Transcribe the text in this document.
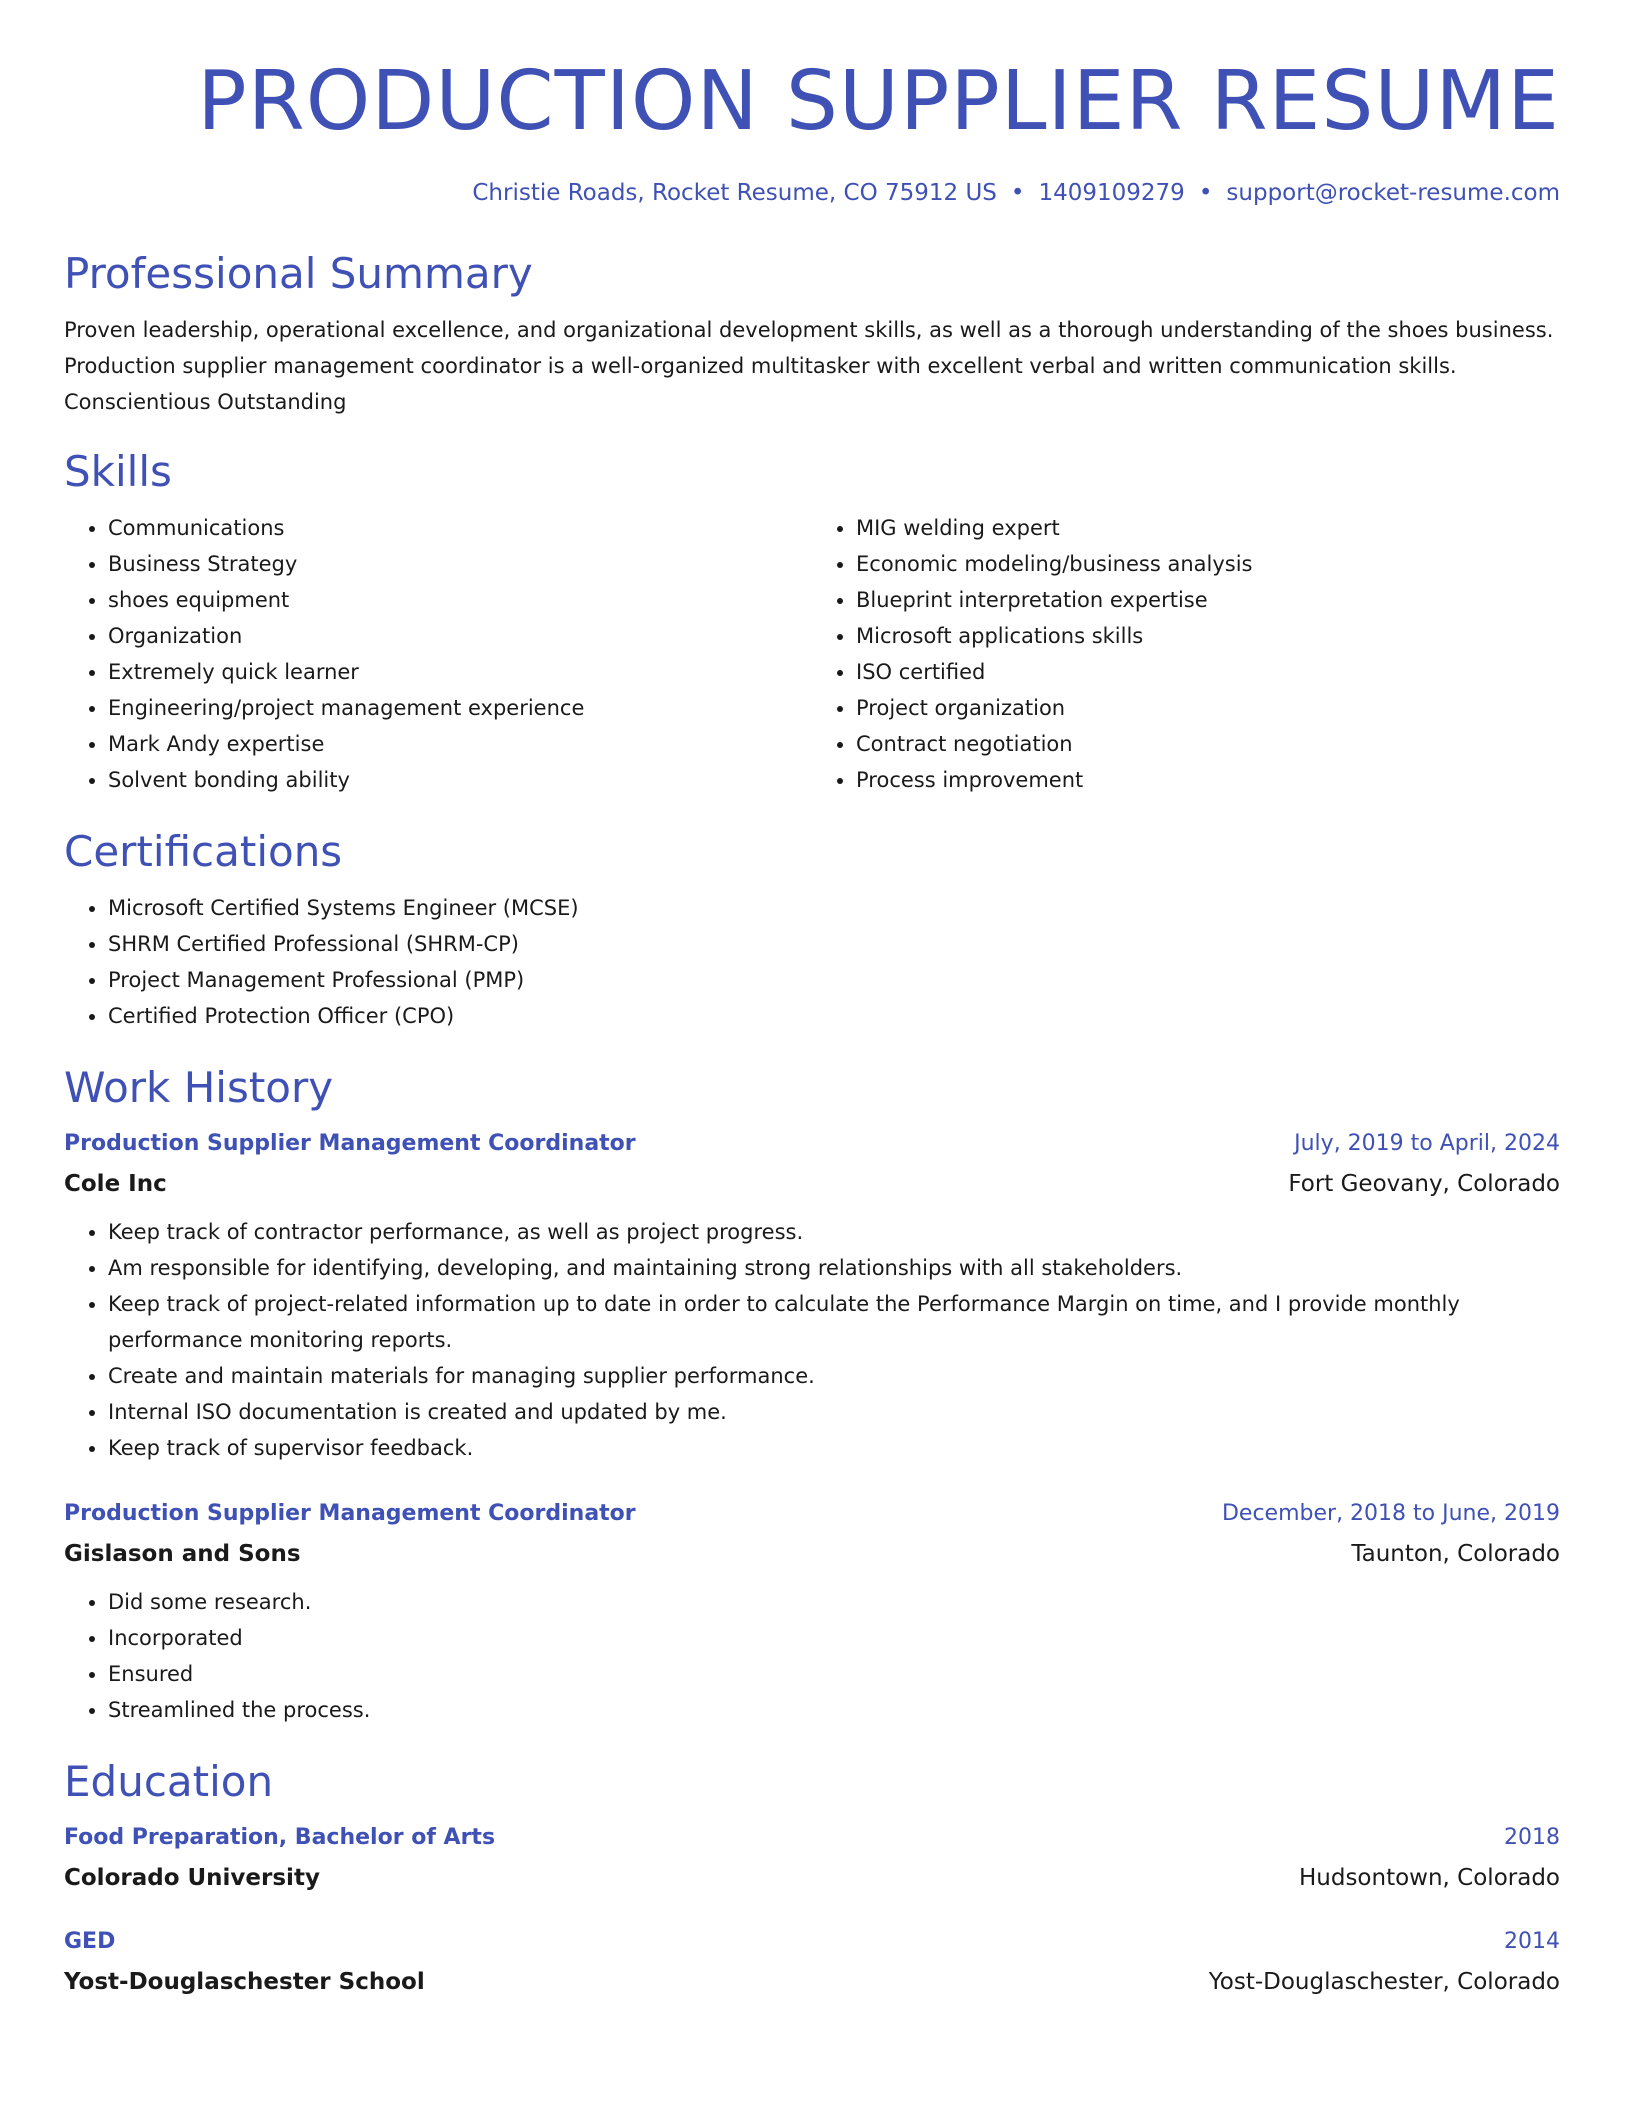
PRODUCTION SUPPLIER RESUME
Christie Roads, Rocket Resume, CO 75912 US • 1409109279 • support@rocket-resume.com
Professional Summary
Proven leadership, operational excellence, and organizational development skills, as well as a thorough understanding of the shoes business. Production supplier management coordinator is a well-organized multitasker with excellent verbal and written communication skills. Conscientious Outstanding
Skills
• Communications
• Business Strategy
• shoes equipment
• Organization
• Extremely quick learner
• Engineering/project management experience
• Mark Andy expertise
• Solvent bonding ability
• MIG welding expert
• Economic modeling/business analysis
• Blueprint interpretation expertise
• Microsoft applications skills
• ISO certified
• Project organization
• Contract negotiation
• Process improvement
Certifications
• Microsoft Certified Systems Engineer (MCSE)
• SHRM Certified Professional (SHRM-CP)
• Project Management Professional (PMP)
• Certified Protection Officer (CPO)
Work History
Production Supplier Management Coordinator	July, 2019 to April, 2024
Cole Inc	Fort Geovany, Colorado
• Keep track of contractor performance, as well as project progress.
• Am responsible for identifying, developing, and maintaining strong relationships with all stakeholders.
• Keep track of project-related information up to date in order to calculate the Performance Margin on time, and I provide monthly performance monitoring reports.
• Create and maintain materials for managing supplier performance.
• Internal ISO documentation is created and updated by me.
• Keep track of supervisor feedback.
Production Supplier Management Coordinator	December, 2018 to June, 2019
Gislason and Sons	Taunton, Colorado
• Did some research.
• Incorporated
• Ensured
• Streamlined the process.
Education
Food Preparation, Bachelor of Arts	2018
Colorado University	Hudsontown, Colorado
GED	2014
Yost-Douglaschester School	Yost-Douglaschester, Colorado
